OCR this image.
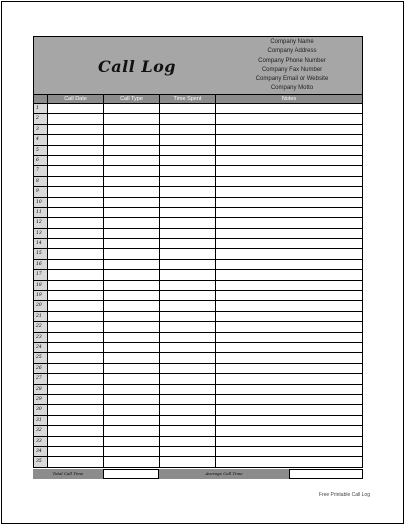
Call Log
Company Name
Company Address
Company Phone Number
Company Fax Number
Company Email or Website
Company Motto
Call Date	Call Type	Time Spent	Notes
1
2
3
4
5
6
7
8
9
10
11
12
13
14
15
16
17
18
19
20
21
22
23
24
25
26
27
28
29
30
31
32
33
34
35
Total Call Time	Average Call Time
Free Printable Call Log
